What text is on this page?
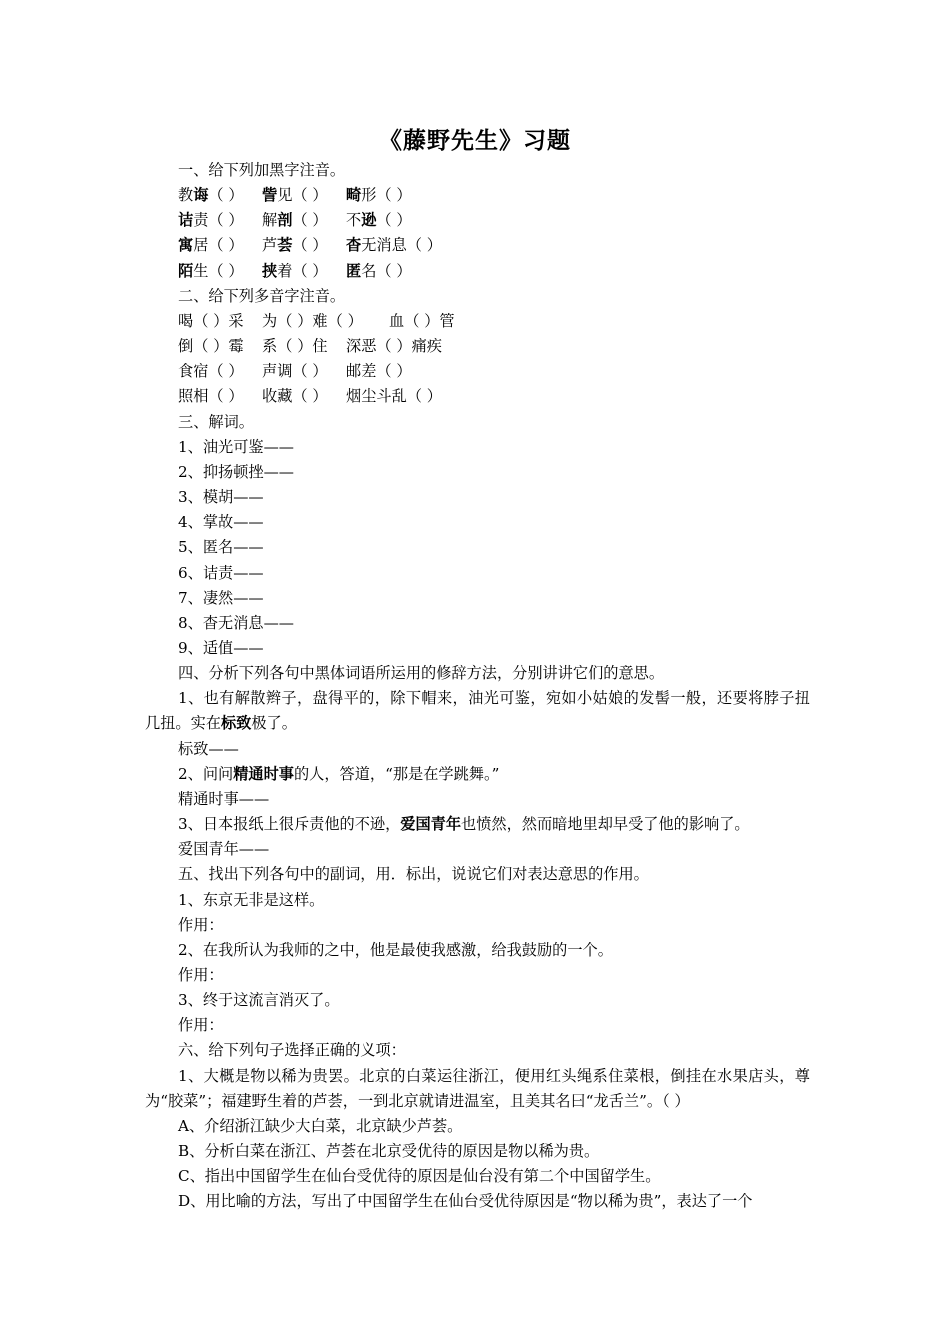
《藤野先生》习题

一、给下列加黑字注音。

教诲（ ） 訾见（ ） 畸形（ ）

诘责（ ） 解剖（ ） 不逊（ ）

寓居（ ） 芦荟（ ） 杳无消息（ ）

陌生（ ） 挟着（ ） 匿名（ ）

二、给下列多音字注音。

喝（ ）采 为（ ）难（ ） 血（ ）管

倒（ ）霉 系（ ）住 深恶（ ）痛疾

食宿（ ） 声调（ ） 邮差（ ）

照相（ ） 收藏（ ） 烟尘斗乱（ ）

三、解词。

1、油光可鉴——

2、抑扬顿挫——

3、模胡——

4、掌故——

5、匿名——

6、诘责——

7、凄然——

8、杳无消息——

9、适值——

四、分析下列各句中黑体词语所运用的修辞方法，分别讲讲它们的意思。

1、也有解散辫子，盘得平的，除下帽来，油光可鉴，宛如小姑娘的发髻一般，还要将脖子扭几扭。实在标致极了。

标致——

2、问问精通时事的人，答道，“那是在学跳舞。”

精通时事——

3、日本报纸上很斥责他的不逊，爱国青年也愤然，然而暗地里却早受了他的影响了。

爱国青年——

五、找出下列各句中的副词，用．标出，说说它们对表达意思的作用。

1、东京无非是这样。

作用：

2、在我所认为我师的之中，他是最使我感激，给我鼓励的一个。

作用：

3、终于这流言消灭了。

作用：

六、给下列句子选择正确的义项：

1、大概是物以稀为贵罢。北京的白菜运往浙江，便用红头绳系住菜根，倒挂在水果店头，尊为“胶菜”；福建野生着的芦荟，一到北京就请进温室，且美其名曰“龙舌兰”。（ ）

A、介绍浙江缺少大白菜，北京缺少芦荟。

B、分析白菜在浙江、芦荟在北京受优待的原因是物以稀为贵。

C、指出中国留学生在仙台受优待的原因是仙台没有第二个中国留学生。

D、用比喻的方法，写出了中国留学生在仙台受优待原因是“物以稀为贵”，表达了一个
